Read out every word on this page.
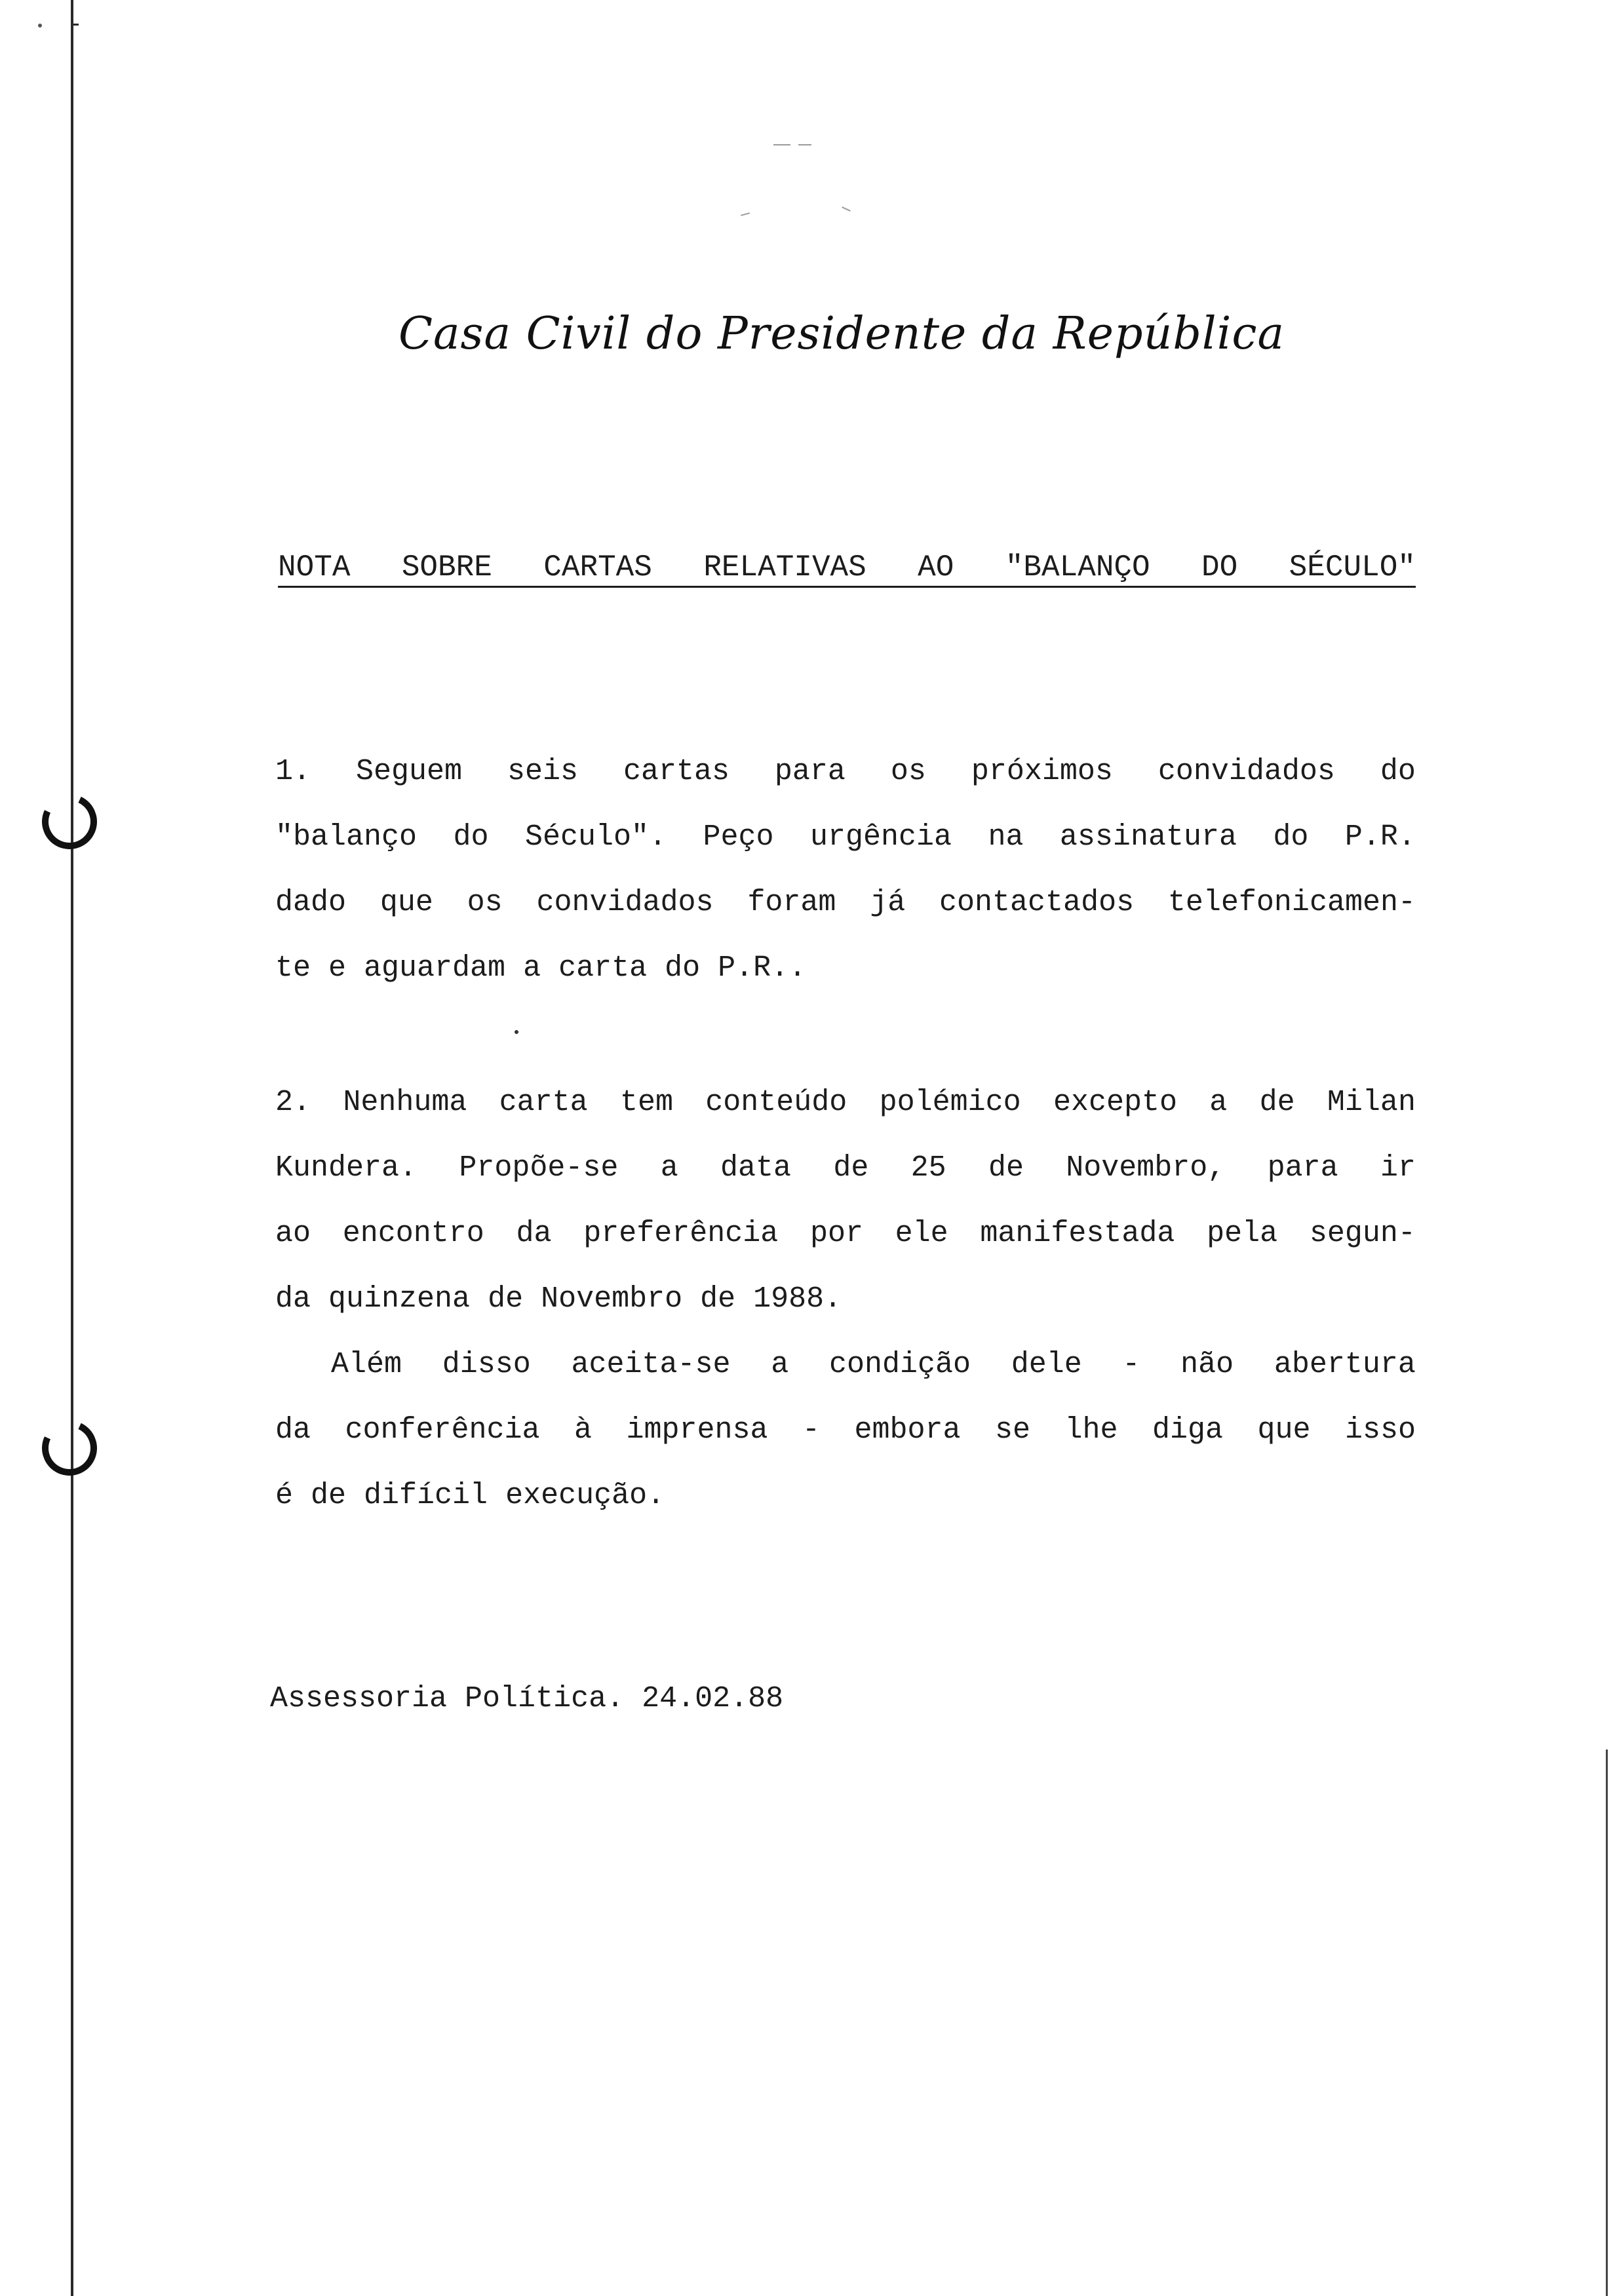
Casa Civil do Presidente da República
NOTA SOBRE CARTAS RELATIVAS AO "BALANÇO DO SÉCULO"
1. Seguem seis cartas para os próximos convidados do
"balanço do Século". Peço urgência na assinatura do P.R.
dado que os convidados foram já contactados telefonicamen-
te e aguardam a carta do P.R..
2. Nenhuma carta tem conteúdo polémico excepto a de Milan
Kundera. Propõe-se a data de 25 de Novembro, para ir
ao encontro da preferência por ele manifestada pela segun-
da quinzena de Novembro de 1988.
Além disso aceita-se a condição dele - não abertura
da conferência à imprensa - embora se lhe diga que isso
é de difícil execução.
Assessoria Política. 24.02.88
